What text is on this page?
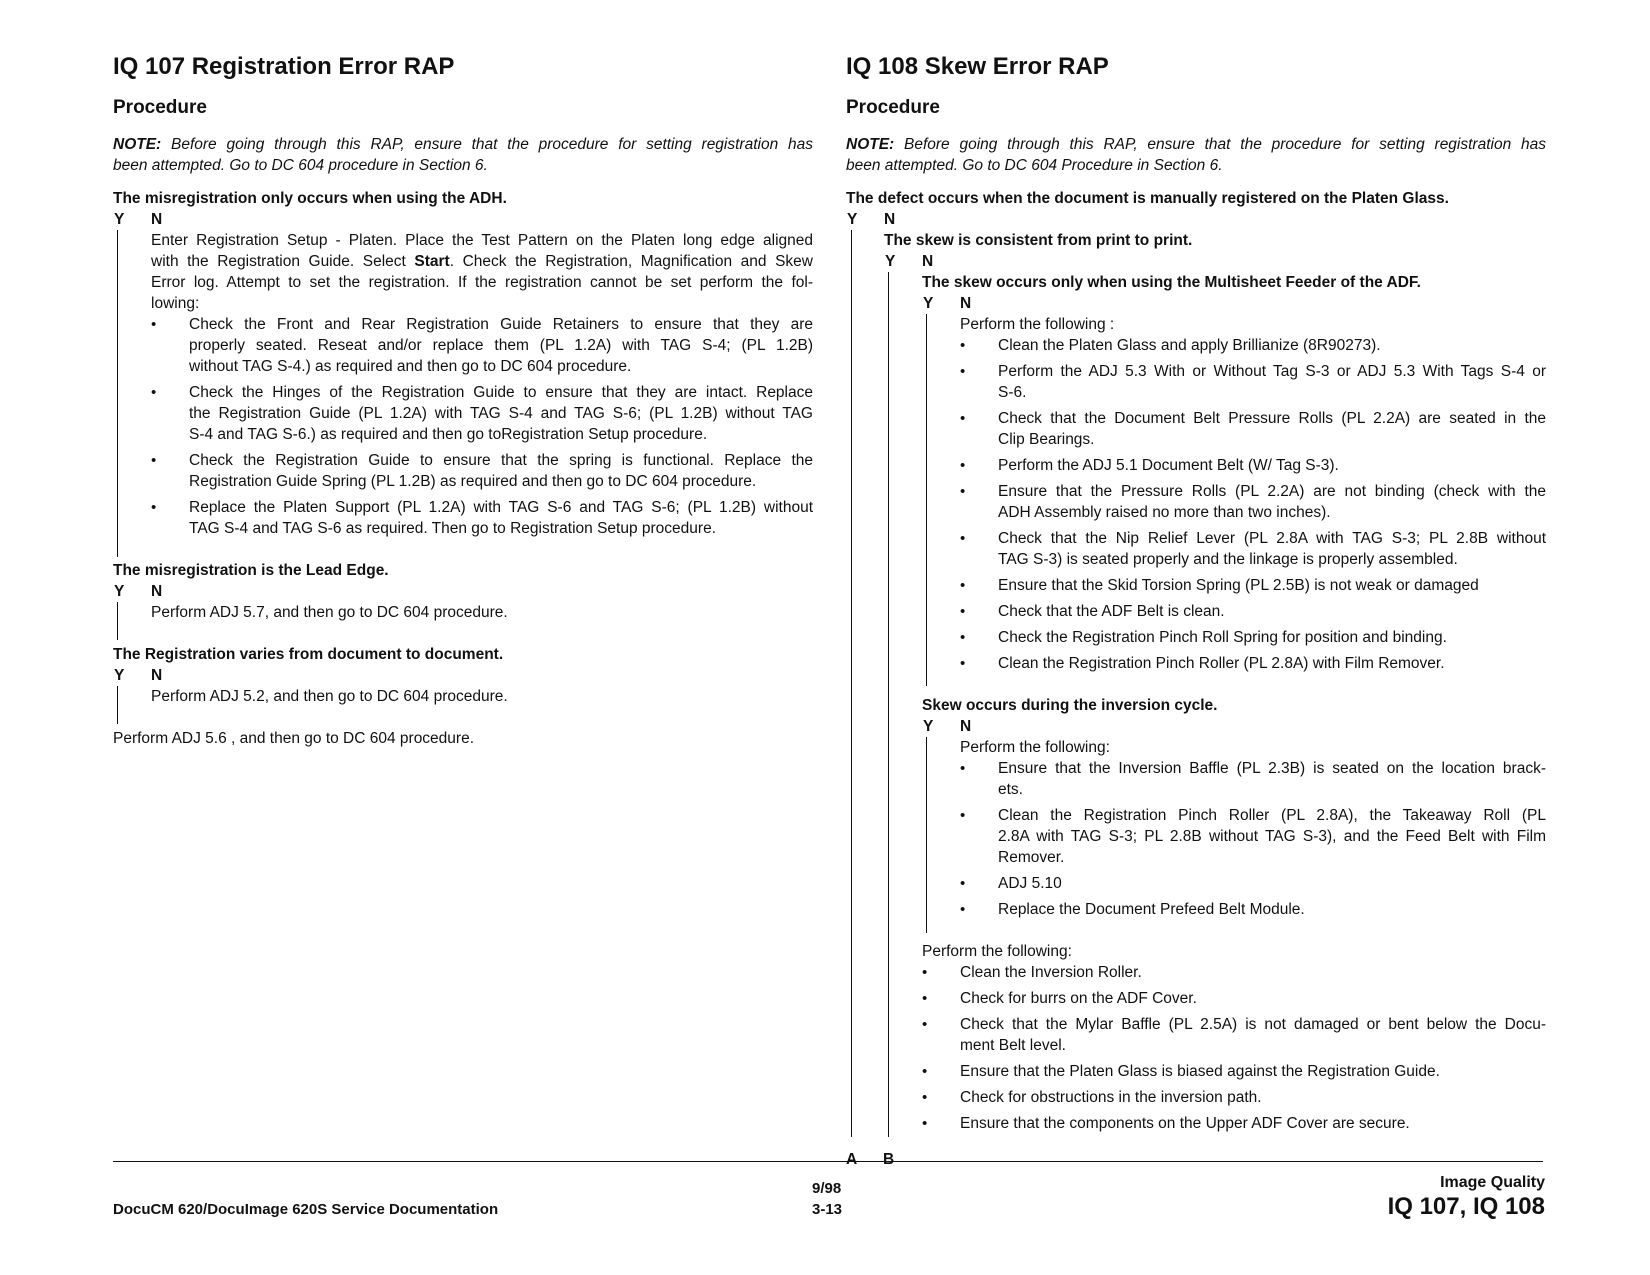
IQ 107 Registration Error RAP
Procedure
NOTE: Before going through this RAP, ensure that the procedure for setting registration has
been attempted. Go to DC 604 procedure in Section 6.
The misregistration only occurs when using the ADH.
Y N
Enter Registration Setup - Platen. Place the Test Pattern on the Platen long edge aligned
with the Registration Guide. Select Start. Check the Registration, Magnification and Skew
Error log. Attempt to set the registration. If the registration cannot be set perform the fol-
lowing:
• Check the Front and Rear Registration Guide Retainers to ensure that they are
properly seated. Reseat and/or replace them (PL 1.2A) with TAG S-4; (PL 1.2B)
without TAG S-4.) as required and then go to DC 604 procedure.
• Check the Hinges of the Registration Guide to ensure that they are intact. Replace
the Registration Guide (PL 1.2A) with TAG S-4 and TAG S-6; (PL 1.2B) without TAG
S-4 and TAG S-6.) as required and then go toRegistration Setup procedure.
• Check the Registration Guide to ensure that the spring is functional. Replace the
Registration Guide Spring (PL 1.2B) as required and then go to DC 604 procedure.
• Replace the Platen Support (PL 1.2A) with TAG S-6 and TAG S-6; (PL 1.2B) without
TAG S-4 and TAG S-6 as required. Then go to Registration Setup procedure.
The misregistration is the Lead Edge.
Y N
Perform ADJ 5.7, and then go to DC 604 procedure.
The Registration varies from document to document.
Y N
Perform ADJ 5.2, and then go to DC 604 procedure.
Perform ADJ 5.6 , and then go to DC 604 procedure.
IQ 108 Skew Error RAP
Procedure
NOTE: Before going through this RAP, ensure that the procedure for setting registration has
been attempted. Go to DC 604 Procedure in Section 6.
The defect occurs when the document is manually registered on the Platen Glass.
Y N
The skew is consistent from print to print.
Y N
The skew occurs only when using the Multisheet Feeder of the ADF.
Y N
Perform the following :
• Clean the Platen Glass and apply Brillianize (8R90273).
• Perform the ADJ 5.3 With or Without Tag S-3 or ADJ 5.3 With Tags S-4 or
S-6.
• Check that the Document Belt Pressure Rolls (PL 2.2A) are seated in the
Clip Bearings.
• Perform the ADJ 5.1 Document Belt (W/ Tag S-3).
• Ensure that the Pressure Rolls (PL 2.2A) are not binding (check with the
ADH Assembly raised no more than two inches).
• Check that the Nip Relief Lever (PL 2.8A with TAG S-3; PL 2.8B without
TAG S-3) is seated properly and the linkage is properly assembled.
• Ensure that the Skid Torsion Spring (PL 2.5B) is not weak or damaged
• Check that the ADF Belt is clean.
• Check the Registration Pinch Roll Spring for position and binding.
• Clean the Registration Pinch Roller (PL 2.8A) with Film Remover.
Skew occurs during the inversion cycle.
Y N
Perform the following:
• Ensure that the Inversion Baffle (PL 2.3B) is seated on the location brack-
ets.
• Clean the Registration Pinch Roller (PL 2.8A), the Takeaway Roll (PL
2.8A with TAG S-3; PL 2.8B without TAG S-3), and the Feed Belt with Film
Remover.
• ADJ 5.10
• Replace the Document Prefeed Belt Module.
Perform the following:
• Clean the Inversion Roller.
• Check for burrs on the ADF Cover.
• Check that the Mylar Baffle (PL 2.5A) is not damaged or bent below the Docu-
ment Belt level.
• Ensure that the Platen Glass is biased against the Registration Guide.
• Check for obstructions in the inversion path.
• Ensure that the components on the Upper ADF Cover are secure.
A B
DocuCM 620/DocuImage 620S Service Documentation
9/98
3-13
Image Quality
IQ 107, IQ 108
